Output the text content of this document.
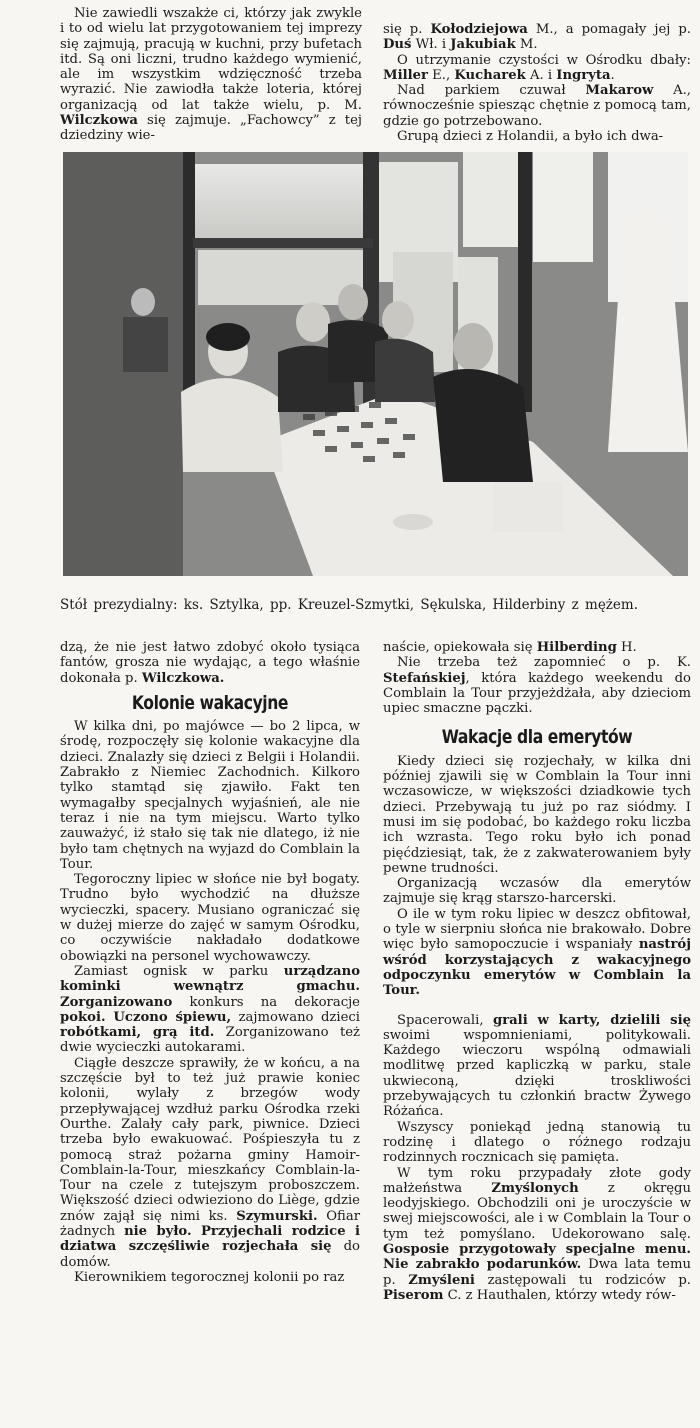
Nie zawiedli wszakże ci, którzy jak zwykle i to od wielu lat przygotowaniem tej imprezy się zajmują, pracują w kuchni, przy bufetach itd. Są oni liczni, trudno każdego wymienić, ale im wszystkim wdzięczność trzeba wyrazić. Nie zawiodła także loteria, której organizacją od lat także wielu, p. M. Wilczkowa się zajmuje. „Fachowcy” z tej dziedziny wie-

się p. Kołodziejowa M., a pomagały jej p. Duś Wł. i Jakubiak M.

O utrzymanie czystości w Ośrodku dbały: Miller E., Kucharek A. i Ingryta.

Nad parkiem czuwał Makarow A., równocześnie spiesząc chętnie z pomocą tam, gdzie go potrzebowano.

Grupą dzieci z Holandii, a było ich dwa-

Stół prezydialny: ks. Sztylka, pp. Kreuzel-Szmytki, Sękulska, Hilderbiny z mężem.

dzą, że nie jest łatwo zdobyć około tysiąca fantów, grosza nie wydając, a tego właśnie dokonała p. Wilczkowa.

Kolonie wakacyjne

W kilka dni, po majówce — bo 2 lipca, w środę, rozpoczęły się kolonie wakacyjne dla dzieci. Znalazły się dzieci z Belgii i Holandii. Zabrakło z Niemiec Zachodnich. Kilkoro tylko stamtąd się zjawiło. Fakt ten wymagałby specjalnych wyjaśnień, ale nie teraz i nie na tym miejscu. Warto tylko zauważyć, iż stało się tak nie dlatego, iż nie było tam chętnych na wyjazd do Comblain la Tour.

Tegoroczny lipiec w słońce nie był bogaty. Trudno było wychodzić na dłuższe wycieczki, spacery. Musiano ograniczać się w dużej mierze do zajęć w samym Ośrodku, co oczywiście nakładało dodatkowe obowiązki na personel wychowawczy.

Zamiast ognisk w parku urządzano kominki wewnątrz gmachu. Zorganizowano konkurs na dekoracje pokoi. Uczono śpiewu, zajmowano dzieci robótkami, grą itd. Zorganizowano też dwie wycieczki autokarami.

Ciągłe deszcze sprawiły, że w końcu, a na szczęście był to też już prawie koniec kolonii, wylały z brzegów wody przepływającej wzdłuż parku Ośrodka rzeki Ourthe. Zalały cały park, piwnice. Dzieci trzeba było ewakuować. Pośpieszyła tu z pomocą straż pożarna gminy Hamoir-Comblain-la-Tour, mieszkańcy Comblain-la-Tour na czele z tutejszym proboszczem. Większość dzieci odwieziono do Liège, gdzie znów zajął się nimi ks. Szymurski. Ofiar żadnych nie było. Przyjechali rodzice i dziatwa szczęśliwie rozjechała się do domów.

Kierownikiem tegorocznej kolonii po raz

naście, opiekowała się Hilberding H.

Nie trzeba też zapomnieć o p. K. Stefańskiej, która każdego weekendu do Comblain la Tour przyjeżdżała, aby dzieciom upiec smaczne pączki.

Wakacje dla emerytów

Kiedy dzieci się rozjechały, w kilka dni później zjawili się w Comblain la Tour inni wczasowicze, w większości dziadkowie tych dzieci. Przebywają tu już po raz siódmy. I musi im się podobać, bo każdego roku liczba ich wzrasta. Tego roku było ich ponad pięćdziesiąt, tak, że z zakwaterowaniem były pewne trudności.

Organizacją wczasów dla emerytów zajmuje się krąg starszo-harcerski.

O ile w tym roku lipiec w deszcz obfitował, o tyle w sierpniu słońca nie brakowało. Dobre więc było samopoczucie i wspaniały nastrój wśród korzystających z wakacyjnego odpoczynku emerytów w Comblain la Tour.

Spacerowali, grali w karty, dzielili się swoimi wspomnieniami, politykowali. Każdego wieczoru wspólną odmawiali modlitwę przed kapliczką w parku, stale ukwieconą, dzięki troskliwości przebywających tu członkiń bractw Żywego Różańca.

Wszyscy poniekąd jedną stanowią tu rodzinę i dlatego o różnego rodzaju rodzinnych rocznicach się pamięta.

W tym roku przypadały złote gody małżeństwa Zmyślonych z okręgu leodyjskiego. Obchodzili oni je uroczyście w swej miejscowości, ale i w Comblain la Tour o tym też pomyślano. Udekorowano salę. Gosposie przygotowały specjalne menu. Nie zabrakło podarunków. Dwa lata temu p. Zmyśleni zastępowali tu rodziców p. Piserom C. z Hauthalen, którzy wtedy rów-
